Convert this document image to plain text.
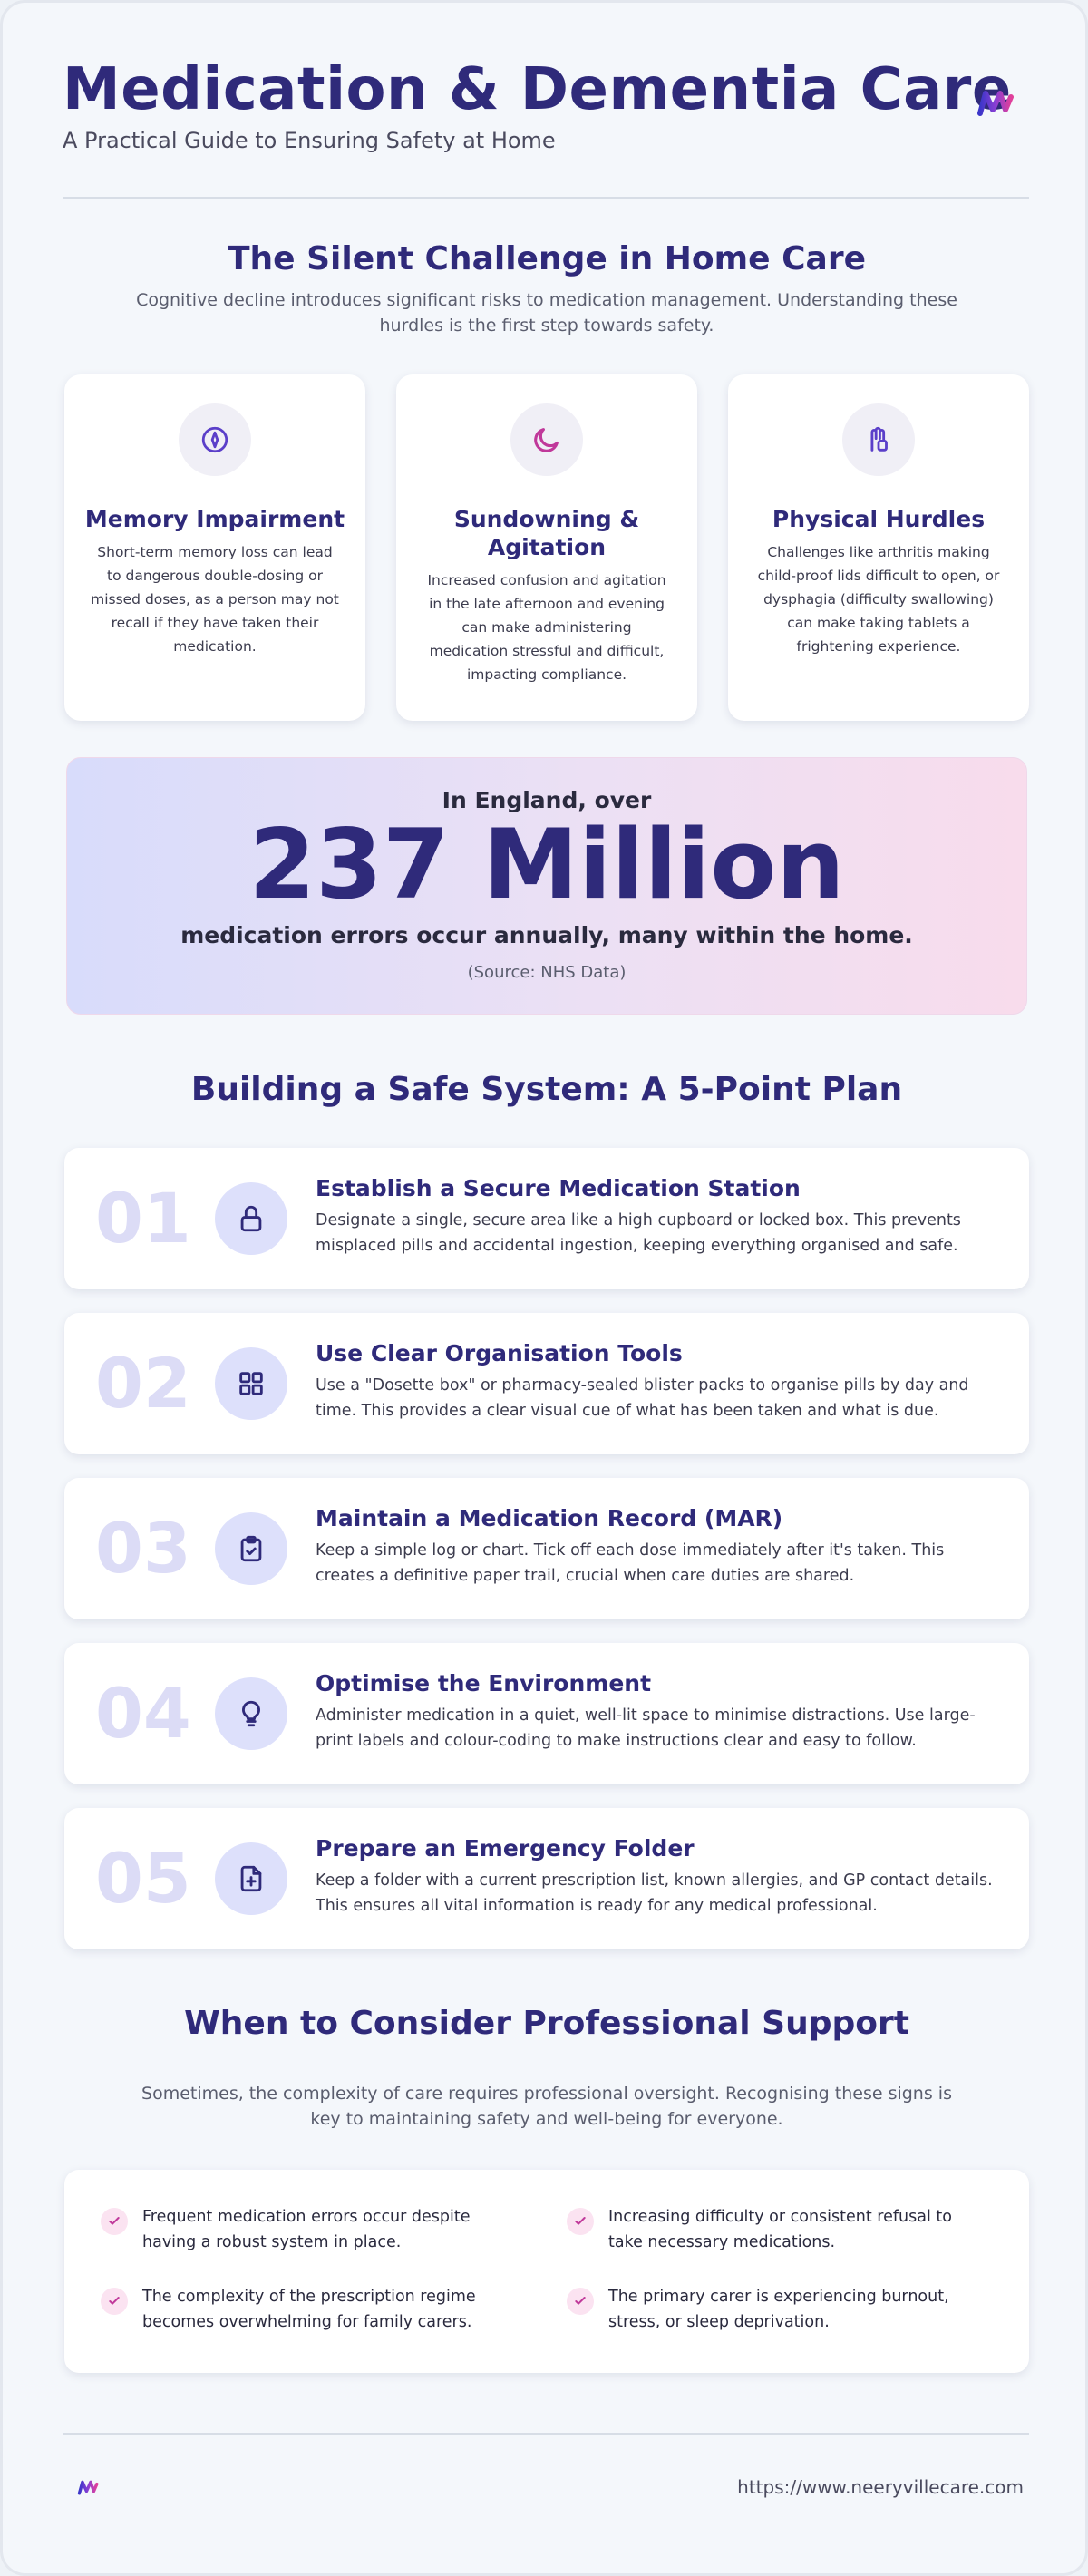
Medication & Dementia Care
A Practical Guide to Ensuring Safety at Home
The Silent Challenge in Home Care

Cognitive decline introduces significant risks to medication management. Understanding these hurdles is the first step towards safety.

Memory Impairment
Short-term memory loss can lead to dangerous double-dosing or missed doses, as a person may not recall if they have taken their medication.
Sundowning & Agitation
Increased confusion and agitation in the late afternoon and evening can make administering medication stressful and difficult, impacting compliance.
Physical Hurdles
Challenges like arthritis making child-proof lids difficult to open, or dysphagia (difficulty swallowing) can make taking tablets a frightening experience.
In England, over
237 Million
medication errors occur annually, many within the home.
(Source: NHS Data)
Building a Safe System: A 5-Point Plan
01	Establish a Secure Medication Station
Designate a single, secure area like a high cupboard or locked box. This prevents misplaced pills and accidental ingestion, keeping everything organised and safe.
02	Use Clear Organisation Tools
Use a "Dosette box" or pharmacy-sealed blister packs to organise pills by day and time. This provides a clear visual cue of what has been taken and what is due.
03	Maintain a Medication Record (MAR)
Keep a simple log or chart. Tick off each dose immediately after it's taken. This creates a definitive paper trail, crucial when care duties are shared.
04	Optimise the Environment
Administer medication in a quiet, well-lit space to minimise distractions. Use large-print labels and colour-coding to make instructions clear and easy to follow.
05	Prepare an Emergency Folder
Keep a folder with a current prescription list, known allergies, and GP contact details. This ensures all vital information is ready for any medical professional.
When to Consider Professional Support

Sometimes, the complexity of care requires professional oversight. Recognising these signs is key to maintaining safety and well-being for everyone.

Frequent medication errors occur despite having a robust system in place.
Increasing difficulty or consistent refusal to take necessary medications.
The complexity of the prescription regime becomes overwhelming for family carers.
The primary carer is experiencing burnout, stress, or sleep deprivation.
https://www.neeryvillecare.com
